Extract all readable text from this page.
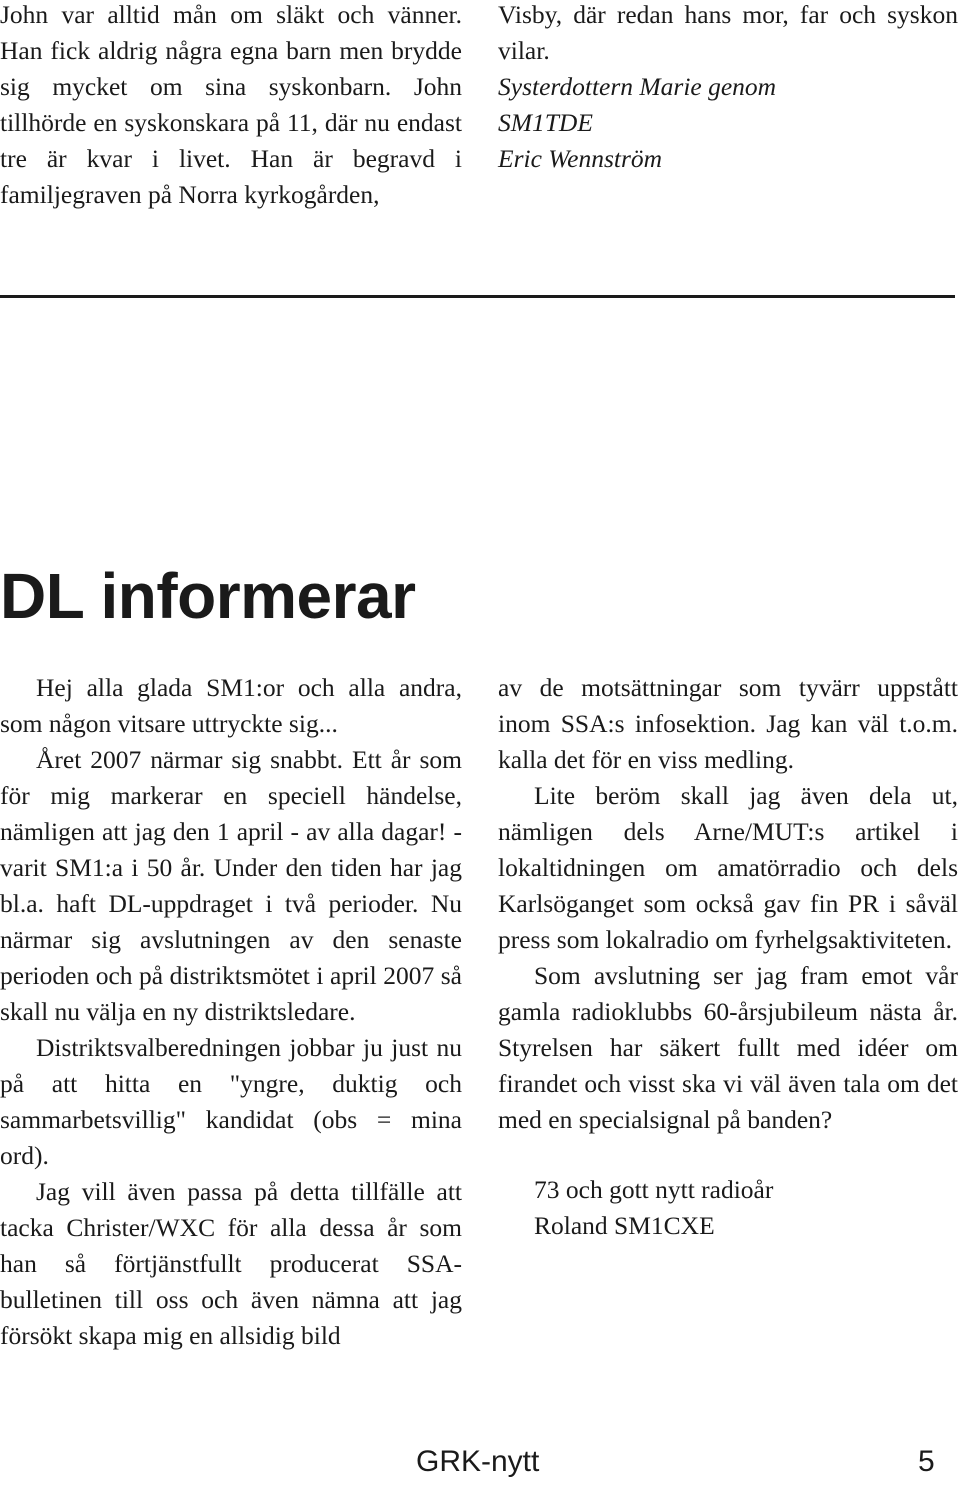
John var alltid mån om släkt och vänner. Han fick aldrig några egna barn men brydde sig mycket om sina syskonbarn. John tillhörde en syskonskara på 11, där nu endast tre är kvar i livet. Han är begravd i familjegraven på Norra kyrkogården,

Visby, där redan hans mor, far och syskon vilar.

Systerdottern Marie genom
SM1TDE
Eric Wennström

DL informerar

Hej alla glada SM1:or och alla andra, som någon vitsare uttryckte sig...

Året 2007 närmar sig snabbt. Ett år som för mig markerar en speciell händelse, nämligen att jag den 1 april - av alla dagar! - varit SM1:a i 50 år. Under den tiden har jag bl.a. haft DL-uppdraget i två perioder. Nu närmar sig avslutningen av den senaste perioden och på distriktsmötet i april 2007 så skall nu välja en ny distriktsledare.

Distriktsvalberedningen jobbar ju just nu på att hitta en "yngre, duktig och sammarbetsvillig" kandidat (obs = mina ord).

Jag vill även passa på detta tillfälle att tacka Christer/WXC för alla dessa år som han så förtjänstfullt producerat SSA-bulletinen till oss och även nämna att jag försökt skapa mig en allsidig bild

av de motsättningar som tyvärr uppstått inom SSA:s infosektion. Jag kan väl t.o.m. kalla det för en viss medling.

Lite beröm skall jag även dela ut, nämligen dels Arne/MUT:s artikel i lokaltidningen om amatörradio och dels Karlsöganget som också gav fin PR i såväl press som lokalradio om fyrhelgsaktiviteten.

Som avslutning ser jag fram emot vår gamla radioklubbs 60-årsjubileum nästa år. Styrelsen har säkert fullt med idéer om firandet och visst ska vi väl även tala om det med en specialsignal på banden?

73 och gott nytt radioår
Roland SM1CXE

GRK-nytt	5
